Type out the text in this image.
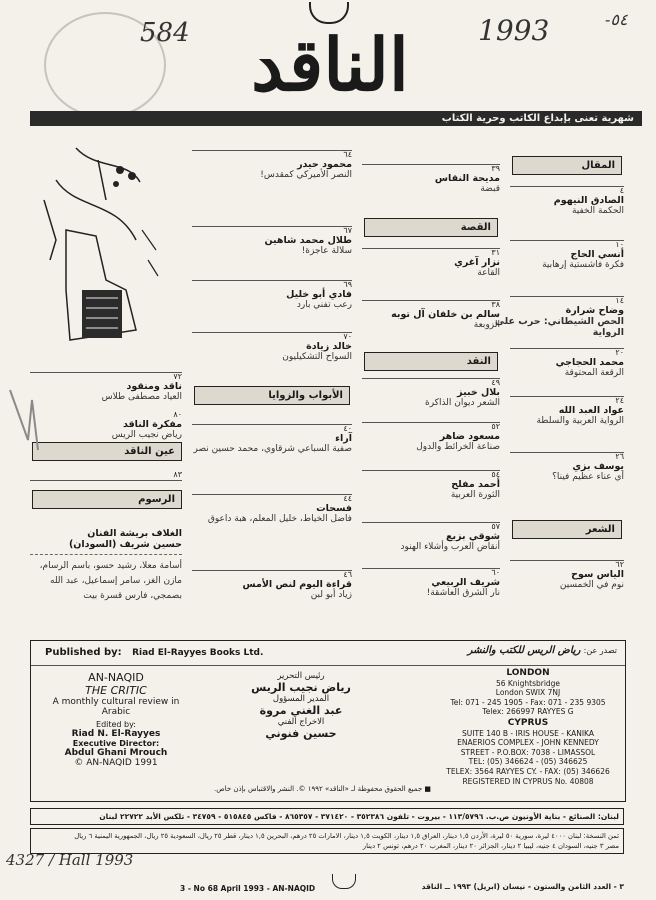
584	1993	-٥٤
الناقد
شهرية تعنى بإبداع الكاتب وحرية الكتاب
المقال
٤
الصادق النيهوم
الحكمة الخفية
١٠
أنسي الحاج
فكرة فاشستية إرهابية
١٤
وضاح شرارة
الحص الشيطاني: حرب على الرواية
٢٠
محمد الحجاجي
الرقعة المحتوقة
٢٤
عواد العبد الله
الرواية العربية والسلطة
٢٦
يوسف بزي
أي عناء عظيم فينا؟
الشعر
٦٢
الياس سوح
نوم في الخمسين
٣٩
مديحة النقاس
قبضة
القصة
٣١
نزار آغري
القاعة
٣٨
سالم بن خلفان آل توبه
الزوبعة
النقد
٤٩
بلال خبيز
الشعر ديوان الذاكرة
٥٢
مسعود ضاهر
صناعة الخرائط والدول
٥٤
أحمد مفلح
الثورة العربية
٥٧
شوقي بزيع
أنقاض العرب وأشلاء الهنود
٦٠
شريف الربيعي
نار الشرق العاشقة!
٦٤
محمود حيدر
النصر الأميركي كمقدس!
٦٧
طلال محمد شاهين
سلالة عاجزة!
٦٩
فادي أبو خليل
رعب تفني بارد
٧٠
خالد زيادة
السواح التشكيليون
الأبواب والزوايا
٤٠
آراء
صفية السباعي شرقاوي، محمد حسين نصر
٤٤
فسحات
فاضل الخياط، خليل المعلم، هبة داعوق
٤٦
قراءة اليوم لنص الأمس
زياد أبو لبن
٧٢
ناقد ومنقود
العياد مصطفى طلاس
٨٠
مفكرة الناقد
رياض نجيب الريس
عين الناقد
٨٣
الرسوم
الغلاف بريشة الفنان
حسين شريف (السودان)
أسامة معلا، رشيد حسو، باسم الرسام، مازن الغز، سامر إسماعيل، عبد الله بصمجي، فارس قسرة بيت
Published by: Riad El-Rayyes Books Ltd.	تصدر عن: رياض الريس للكتب والنشر
AN-NAQID
THE CRITIC
A monthly cultural review in Arabic
Edited by:
Riad N. El-Rayyes
Executive Director:
Abdul Ghani Mrouch
© AN-NAQID 1991
رئيس التحرير
رياض نجيب الريس
المدير المسؤول
عبد الغني مروة
الاخراج الفني
حسين فنوني
LONDON
56 Knightsbridge
London SWIX 7NJ
Tel: 071 - 245 1905 - Fax: 071 - 235 9305
Telex: 266997 RAYYES G
CYPRUS
SUITE 140 B - IRIS HOUSE - KANIKA
ENAERIOS COMPLEX - JOHN KENNEDY
STREET - P.O.BOX: 7038 - LIMASSOL
TEL: (05) 346624 - (05) 346625
TELEX: 3564 RAYYES CY. - FAX: (05) 346626
REGISTERED IN CYPRUS No. 40808
■ جميع الحقوق محفوظة لـ «الناقد» ١٩٩٢ ©. النشر والاقتباس بإذن خاص.
لبنان: الصنائع - بناية الأونيون ص.ب. ١١٣/٥٧٩٦ - بيروت - تلفون ٣٥٢٣٨٦ - ٣٧١٤٢٠ - ٨٦٥٣٥٧ - فاكس ٥١٥٨٤٥ - ٣٤٧٥٩ - تلكس الأبد ٢٢٧٢٢ لبنان
ثمن النسخة: لبنان ٤٠٠٠ ليرة، سورية ٥٠ ليرة، الأردن ١,٥ دينار، العراق ١,٥ دينار، الكويت ١,٥ دينار، الامارات ٢٥ درهم، البحرين ١,٥ دينار، قطر ٢٥ ريال، السعودية ٢٥ ريال، الجمهورية اليمنية ٦ ريال
مصر ٣ جنيه، السودان ٤ جنيه، ليبيا ٢ دينار، الجزائر ٢٠ دينار، المغرب ٢٠ درهم، تونس ٢ دينار
4327 / Hall 1993
3 - No 68 April 1993 - AN-NAQID	٣ - العدد الثامن والستون - نيسان (ابريل) ١٩٩٣ ــ الناقد
